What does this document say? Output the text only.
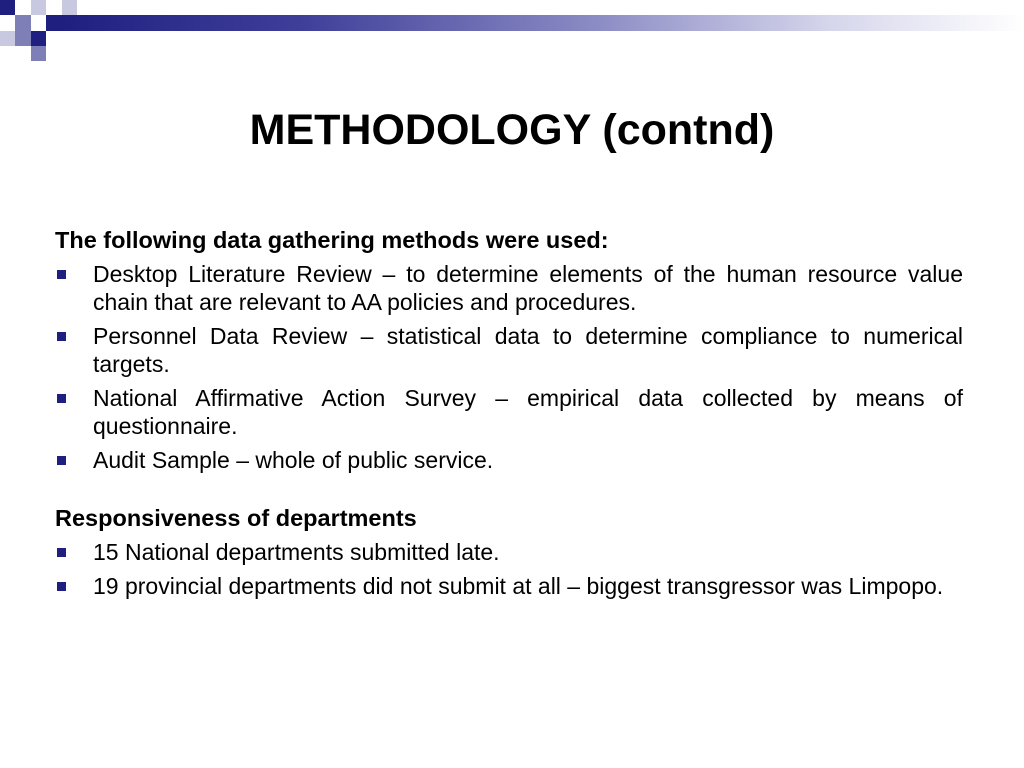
METHODOLOGY (contnd)
The following data gathering methods were used:
Desktop Literature Review – to determine elements of the human resource value chain that are relevant to AA policies and procedures.
Personnel Data Review – statistical data to determine compliance to numerical targets.
National Affirmative Action Survey – empirical data collected by means of questionnaire.
Audit Sample – whole of public service.
Responsiveness of departments
15 National departments submitted late.
19 provincial departments did not submit at all – biggest transgressor was Limpopo.
